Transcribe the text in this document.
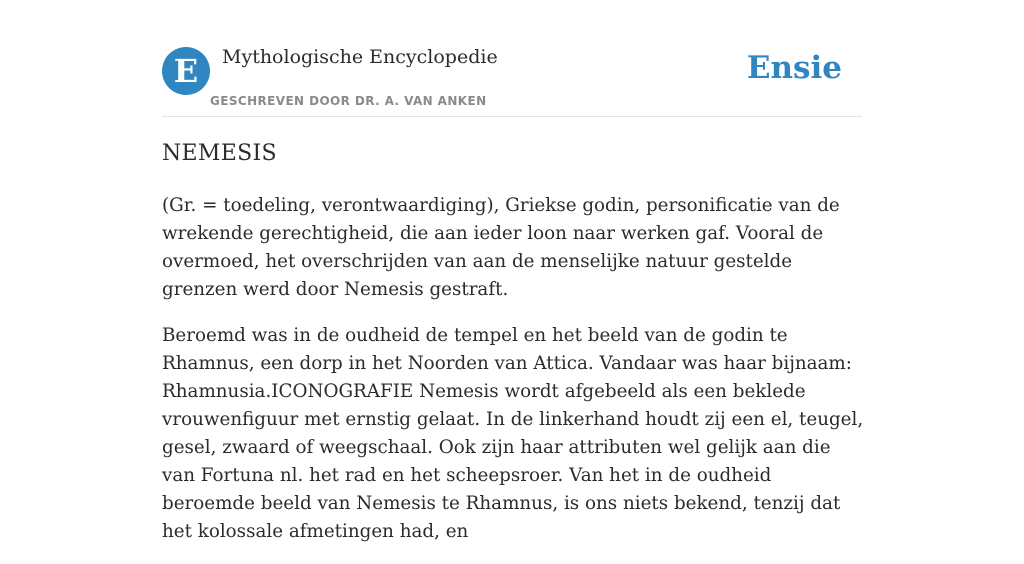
E	Mythologische Encyclopedie
GESCHREVEN DOOR DR. A. VAN ANKEN
Ensie
NEMESIS

(Gr. = toedeling, verontwaardiging), Griekse godin, personificatie van de wrekende gerechtigheid, die aan ieder loon naar werken gaf. Vooral de overmoed, het overschrijden van aan de menselijke natuur gestelde grenzen werd door Nemesis gestraft.

Beroemd was in de oudheid de tempel en het beeld van de godin te Rhamnus, een dorp in het Noorden van Attica. Vandaar was haar bijnaam: Rhamnusia.ICONOGRAFIE Nemesis wordt afgebeeld als een beklede vrouwenfiguur met ernstig gelaat. In de linkerhand houdt zij een el, teugel, gesel, zwaard of weegschaal. Ook zijn haar attributen wel gelijk aan die van Fortuna nl. het rad en het scheepsroer. Van het in de oudheid beroemde beeld van Nemesis te Rhamnus, is ons niets bekend, tenzij dat het kolossale afmetingen had, en
